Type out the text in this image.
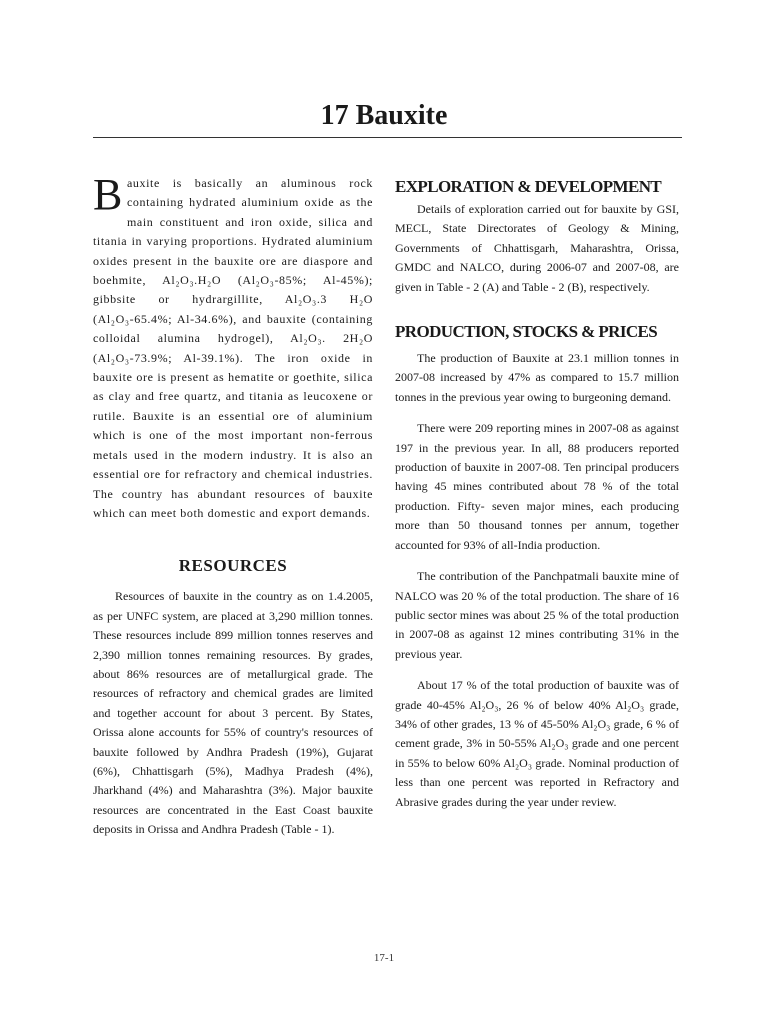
17 Bauxite

Bauxite is basically an aluminous rock containing hydrated aluminium oxide as the main constituent and iron oxide, silica and titania in varying proportions. Hydrated aluminium oxides present in the bauxite ore are diaspore and boehmite, Al₂O₃.H₂O (Al₂O₃-85%; Al-45%); gibbsite or hydrargillite, Al₂O₃.3 H₂O (Al₂O₃-65.4%; Al-34.6%), and bauxite (containing colloidal alumina hydrogel), Al₂O₃. 2H₂O (Al₂O₃-73.9%; Al-39.1%). The iron oxide in bauxite ore is present as hematite or goethite, silica as clay and free quartz, and titania as leucoxene or rutile. Bauxite is an essential ore of aluminium which is one of the most important non-ferrous metals used in the modern industry. It is also an essential ore for refractory and chemical industries. The country has abundant resources of bauxite which can meet both domestic and export demands.

RESOURCES

Resources of bauxite in the country as on 1.4.2005, as per UNFC system, are placed at 3,290 million tonnes. These resources include 899 million tonnes reserves and 2,390 million tonnes remaining resources. By grades, about 86% resources are of metallurgical grade. The resources of refractory and chemical grades are limited and together account for about 3 percent. By States, Orissa alone accounts for 55% of country's resources of bauxite followed by Andhra Pradesh (19%), Gujarat (6%), Chhattisgarh (5%), Madhya Pradesh (4%), Jharkhand (4%) and Maharashtra (3%). Major bauxite resources are concentrated in the East Coast bauxite deposits in Orissa and Andhra Pradesh (Table - 1).

EXPLORATION & DEVELOPMENT

Details of exploration carried out for bauxite by GSI, MECL, State Directorates of Geology & Mining, Governments of Chhattisgarh, Maharashtra, Orissa, GMDC and NALCO, during 2006-07 and 2007-08, are given in Table - 2 (A) and Table - 2 (B), respectively.

PRODUCTION, STOCKS & PRICES

The production of Bauxite at 23.1 million tonnes in 2007-08 increased by 47% as compared to 15.7 million tonnes in the previous year owing to burgeoning demand.

There were 209 reporting mines in 2007-08 as against 197 in the previous year. In all, 88 producers reported production of bauxite in 2007-08. Ten principal producers having 45 mines contributed about 78 % of the total production. Fifty- seven major mines, each producing more than 50 thousand tonnes per annum, together accounted for 93% of all-India production.

The contribution of the Panchpatmali bauxite mine of NALCO was 20 % of the total production. The share of 16 public sector mines was about 25 % of the total production in 2007-08 as against 12 mines contributing 31% in the previous year.

About 17 % of the total production of bauxite was of grade 40-45% Al₂O₃, 26 % of below 40% Al₂O₃ grade, 34% of other grades, 13 % of 45-50% Al₂O₃ grade, 6 % of cement grade, 3% in 50-55% Al₂O₃ grade and one percent in 55% to below 60% Al₂O₃ grade. Nominal production of less than one percent was reported in Refractory and Abrasive grades during the year under review.

17-1
